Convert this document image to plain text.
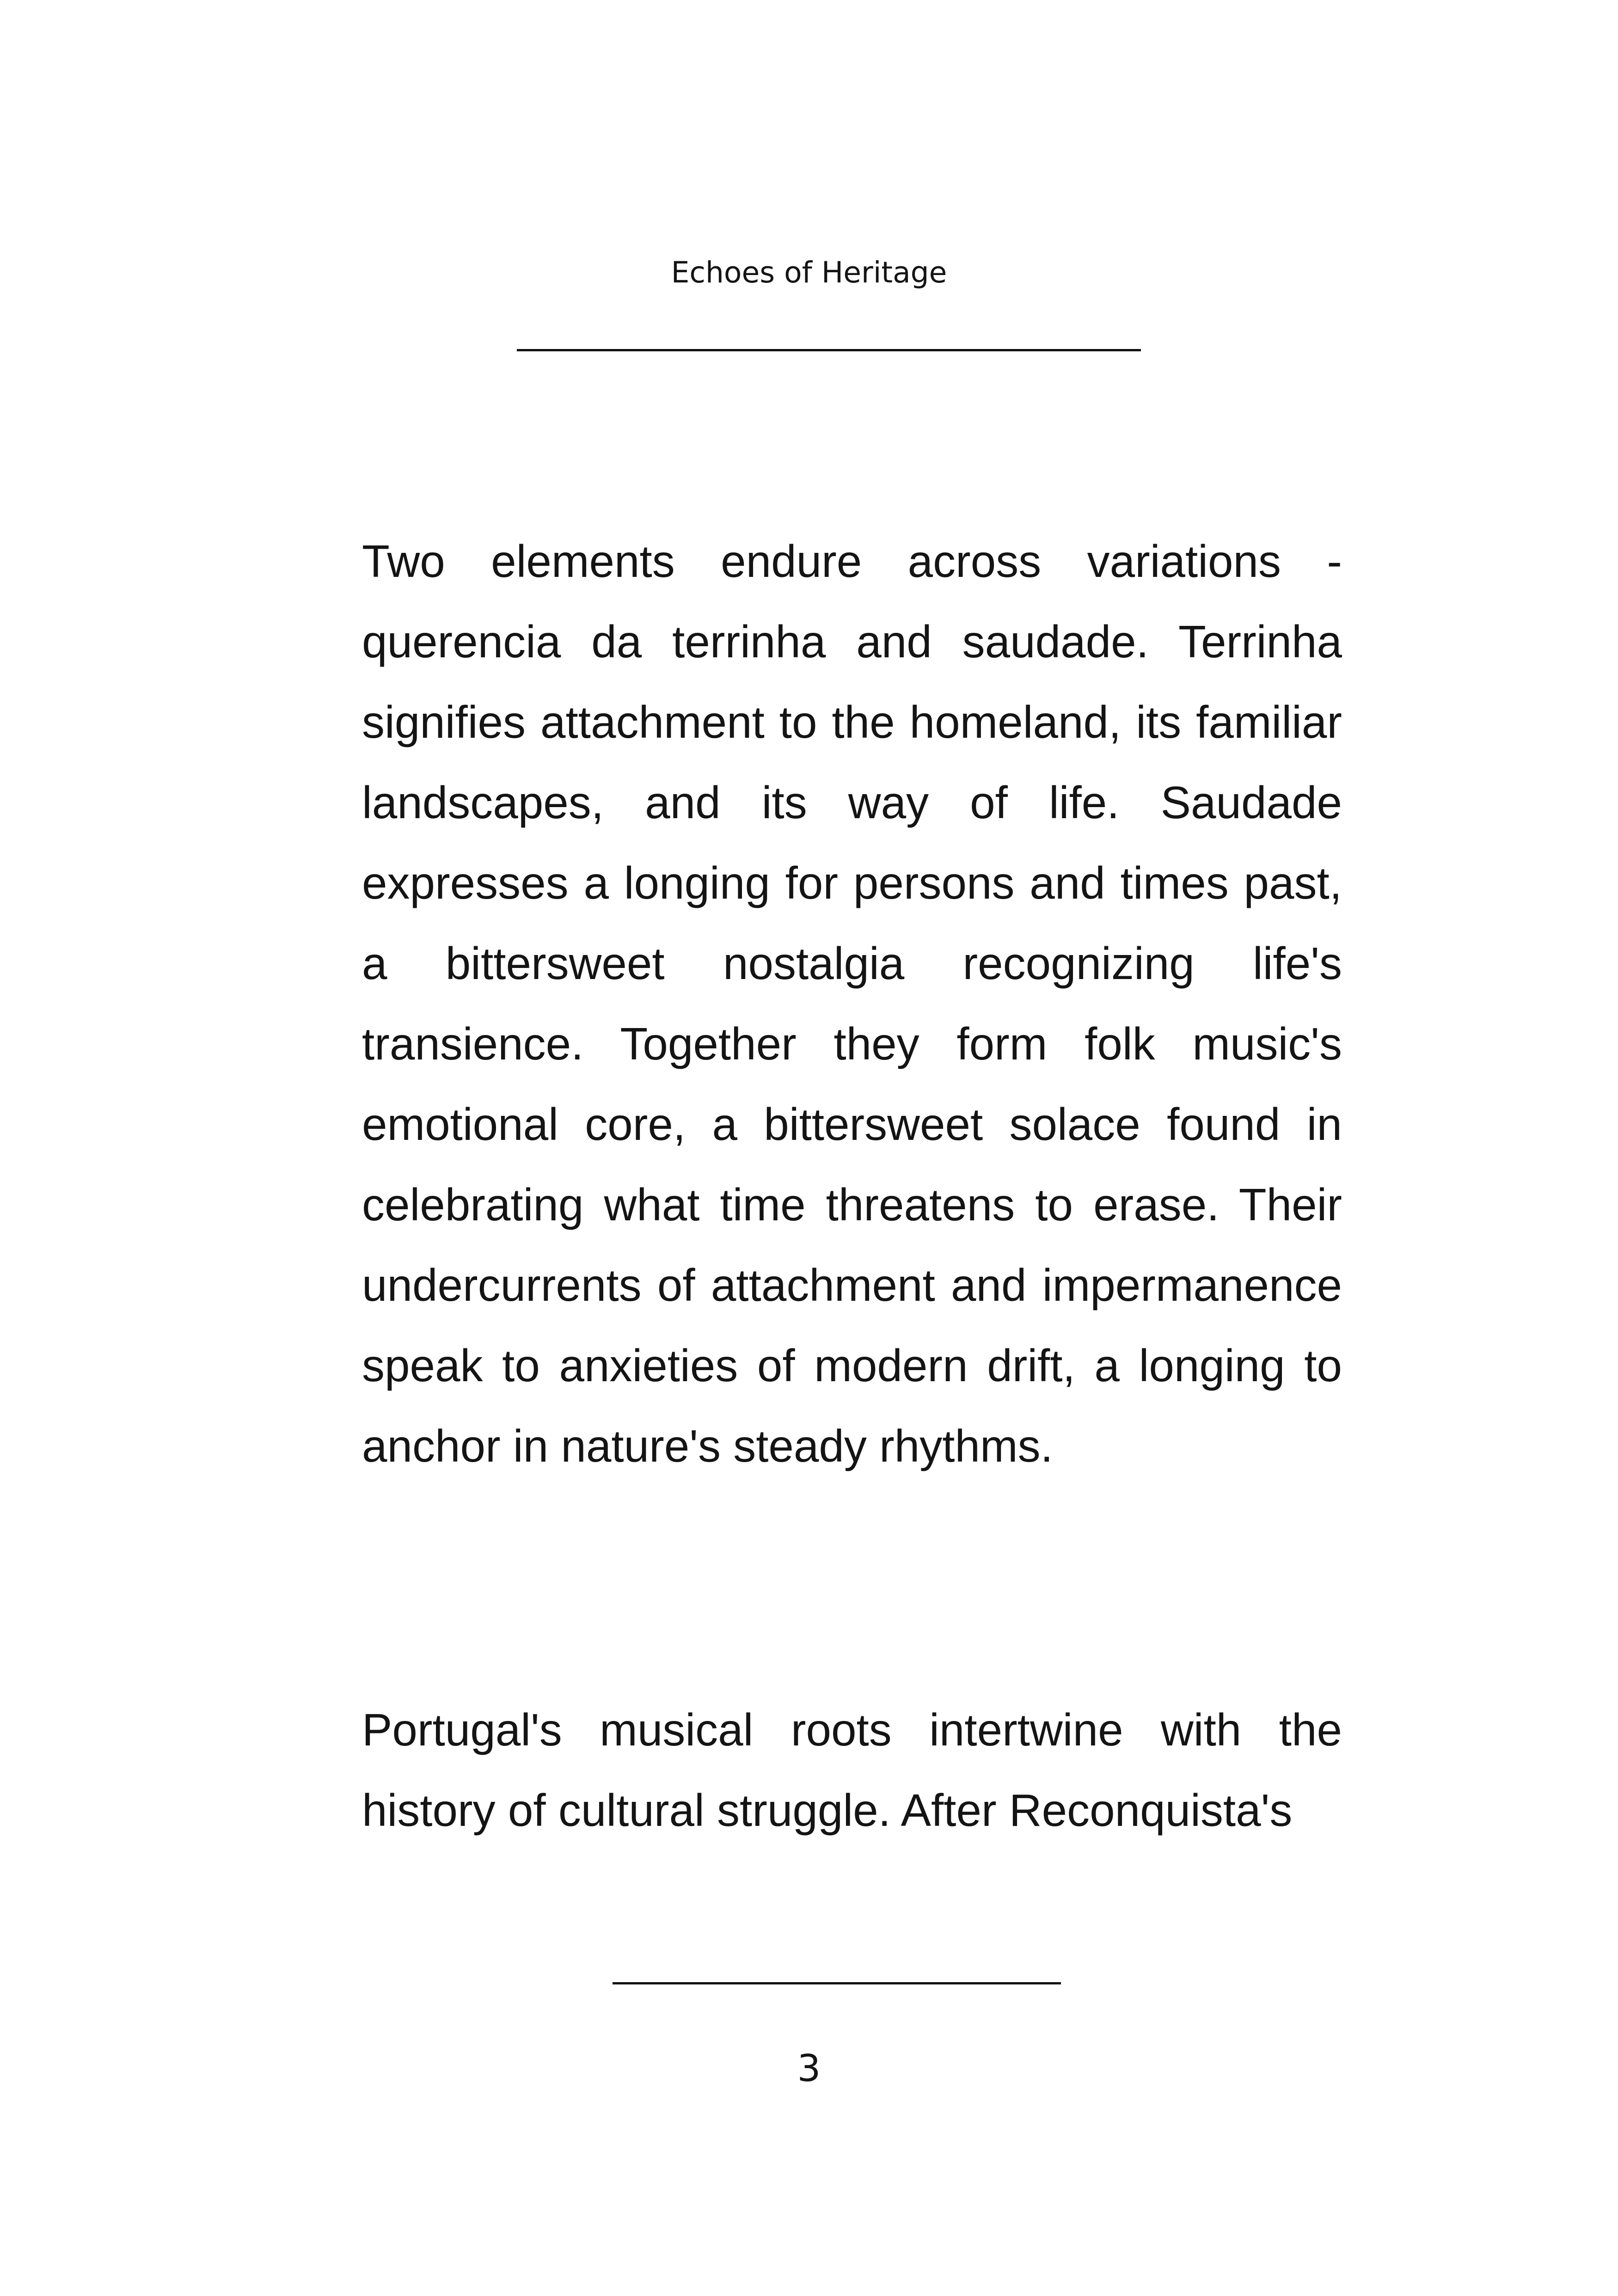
Echoes of Heritage

Two elements endure across variations - querencia da terrinha and saudade. Terrinha signifies attachment to the homeland, its familiar landscapes, and its way of life. Saudade expresses a longing for persons and times past, a bittersweet nostalgia recognizing life's transience. Together they form folk music's emotional core, a bittersweet solace found in celebrating what time threatens to erase. Their undercurrents of attachment and impermanence speak to anxieties of modern drift, a longing to anchor in nature's steady rhythms.

Portugal's musical roots intertwine with the history of cultural struggle. After Reconquista's

3
